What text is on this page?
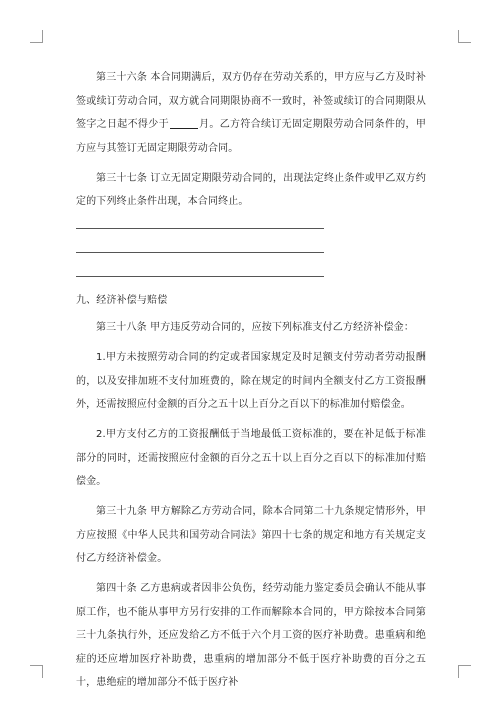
第三十六条 本合同期满后，双方仍存在劳动关系的，甲方应与乙方及时补签或续订劳动合同，双方就合同期限协商不一致时，补签或续订的合同期限从签字之日起不得少于	月。乙方符合续订无固定期限劳动合同条件的，甲方应与其签订无固定期限劳动合同。

第三十七条 订立无固定期限劳动合同的，出现法定终止条件或甲乙双方约定的下列终止条件出现，本合同终止。

九、经济补偿与赔偿

第三十八条 甲方违反劳动合同的，应按下列标准支付乙方经济补偿金：

1.甲方未按照劳动合同的约定或者国家规定及时足额支付劳动者劳动报酬的，以及安排加班不支付加班费的，除在规定的时间内全额支付乙方工资报酬外，还需按照应付金额的百分之五十以上百分之百以下的标准加付赔偿金。

2.甲方支付乙方的工资报酬低于当地最低工资标准的，要在补足低于标准部分的同时，还需按照应付金额的百分之五十以上百分之百以下的标准加付赔偿金。

第三十九条 甲方解除乙方劳动合同，除本合同第二十九条规定情形外，甲方应按照《中华人民共和国劳动合同法》第四十七条的规定和地方有关规定支付乙方经济补偿金。

第四十条 乙方患病或者因非公负伤，经劳动能力鉴定委员会确认不能从事原工作，也不能从事甲方另行安排的工作而解除本合同的，甲方除按本合同第三十九条执行外，还应发给乙方不低于六个月工资的医疗补助费。患重病和绝症的还应增加医疗补助费，患重病的增加部分不低于医疗补助费的百分之五十，患绝症的增加部分不低于医疗补
